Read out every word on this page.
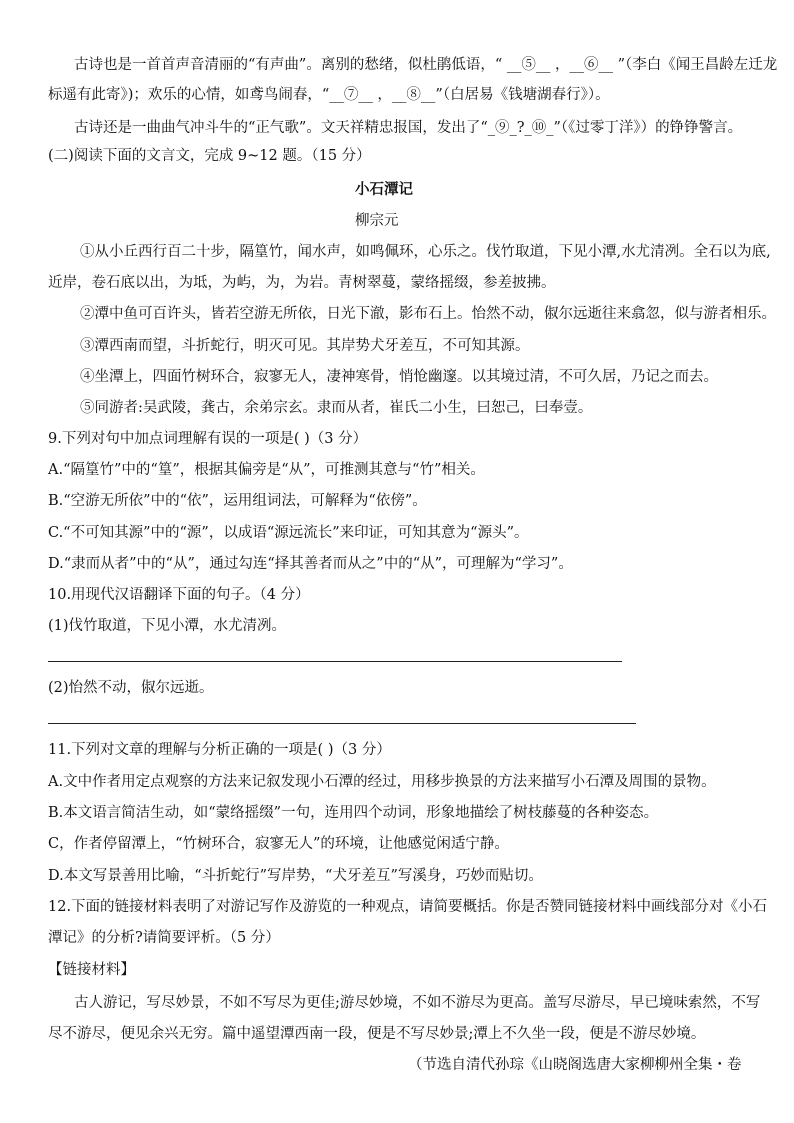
古诗也是一首首声音清丽的“有声曲”。离别的愁绪，似杜鹃低语，“ __⑤__ ，__⑥__ ”（李白《闻王昌龄左迁龙
标遥有此寄》)；欢乐的心情，如鸢鸟闹春，“__⑦__ ，__⑧__”（白居易《钱塘湖春行》）。
古诗还是一曲曲气冲斗牛的“正气歌”。文天祥精忠报国，发出了“_⑨_?_⑩_”（《过零丁洋》）的铮铮警言。
(二)阅读下面的文言文，完成 9~12 题。（15 分）
小石潭记
柳宗元
①从小丘西行百二十步，隔篁竹，闻水声，如鸣佩环，心乐之。伐竹取道，下见小潭,水尤清冽。全石以为底,
近岸，卷石底以出，为坻，为屿，为，为岩。青树翠蔓，蒙络摇缀，参差披拂。
②潭中鱼可百许头，皆若空游无所依，日光下澈，影布石上。怡然不动，俶尔远逝往来翕忽，似与游者相乐。
③潭西南而望，斗折蛇行，明灭可见。其岸势犬牙差互，不可知其源。
④坐潭上，四面竹树环合，寂寥无人，凄神寒骨，悄怆幽邃。以其境过清，不可久居，乃记之而去。
⑤同游者:吴武陵，龚古，余弟宗玄。隶而从者，崔氏二小生，曰恕己，曰奉壹。
9.下列对句中加点词理解有误的一项是( )（3 分）
A.“隔篁竹”中的“篁”，根据其偏旁是“从”，可推测其意与“竹”相关。
B.“空游无所依”中的“依”，运用组词法，可解释为“依傍”。
C.“不可知其源”中的“源”，以成语“源远流长”来印证，可知其意为“源头”。
D.“隶而从者”中的“从”，通过勾连“择其善者而从之”中的“从”，可理解为“学习”。
10.用现代汉语翻译下面的句子。（4 分）
(1)伐竹取道，下见小潭，水尤清冽。
(2)怡然不动，俶尔远逝。
11.下列对文章的理解与分析正确的一项是( )（3 分）
A.文中作者用定点观察的方法来记叙发现小石潭的经过，用移步换景的方法来描写小石潭及周围的景物。
B.本文语言简洁生动，如“蒙络摇缀”一句，连用四个动词，形象地描绘了树枝藤蔓的各种姿态。
C，作者停留潭上，“竹树环合，寂寥无人”的环境，让他感觉闲适宁静。
D.本文写景善用比喻，“斗折蛇行”写岸势，“犬牙差互”写溪身，巧妙而贴切。
12.下面的链接材料表明了对游记写作及游览的一种观点，请简要概括。你是否赞同链接材料中画线部分对《小石
潭记》的分析?请简要评析。（5 分）
【链接材料】
古人游记，写尽妙景，不如不写尽为更佳;游尽妙境，不如不游尽为更高。盖写尽游尽，早已境味索然，不写
尽不游尽，便见余兴无穷。篇中遥望潭西南一段，便是不写尽妙景;潭上不久坐一段，便是不游尽妙境。
（节选自清代孙琮《山晓阁选唐大家柳柳州全集・卷
